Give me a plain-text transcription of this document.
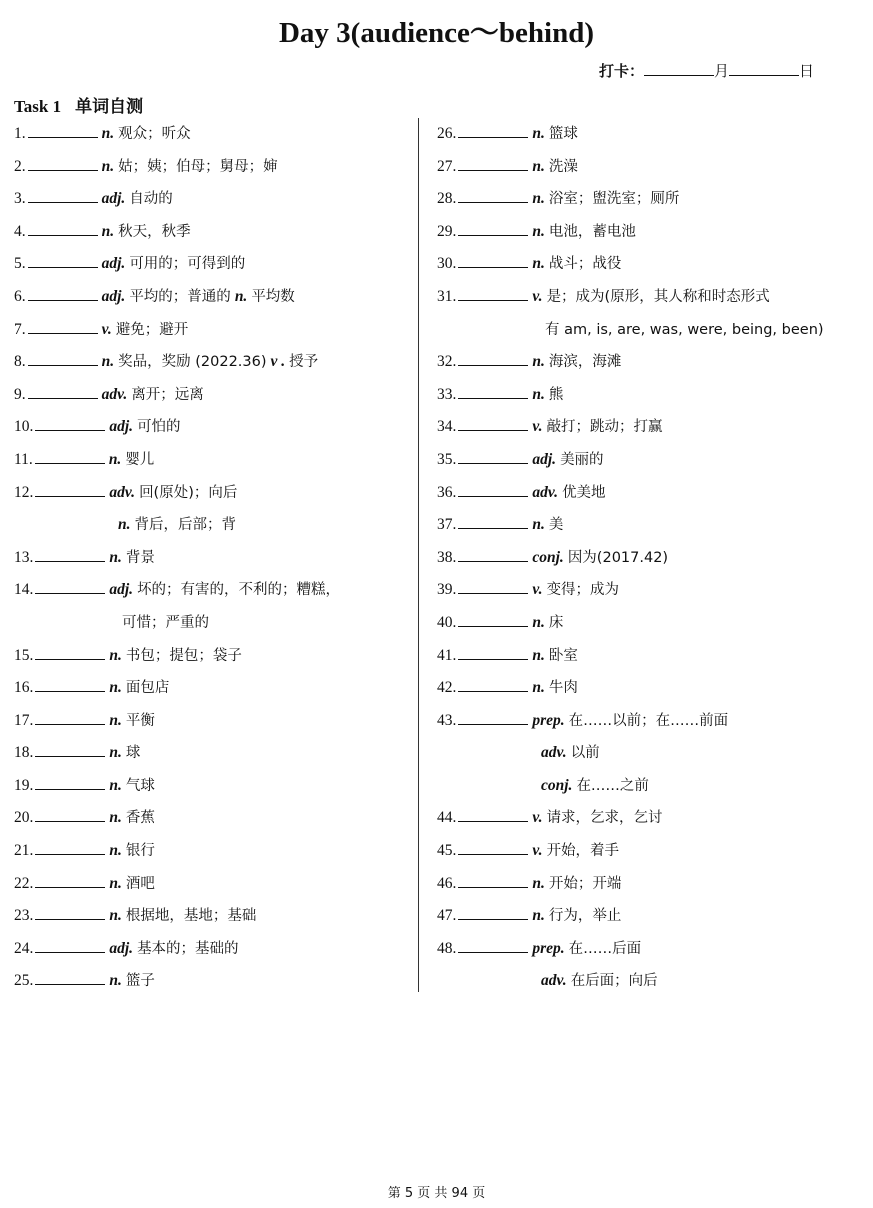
Day 3(audience～behind)
打卡：	月	日
Task 1 单词自测
1.	n. 观众；听众
2.	n. 姑；姨；伯母；舅母；婶
3.	adj. 自动的
4.	n. 秋天，秋季
5.	adj. 可用的；可得到的
6.	adj. 平均的；普通的 n. 平均数
7.	v. 避免；避开
8.	n. 奖品，奖励 (2022.36) v . 授予
9.	adv. 离开；远离
10.	adj. 可怕的
11.	n. 婴儿
12.	adv. 回(原处)；向后
n. 背后，后部；背
13.	n. 背景
14.	adj. 坏的；有害的，不利的；糟糕，
可惜；严重的
15.	n. 书包；提包；袋子
16.	n. 面包店
17.	n. 平衡
18.	n. 球
19.	n. 气球
20.	n. 香蕉
21.	n. 银行
22.	n. 酒吧
23.	n. 根据地，基地；基础
24.	adj. 基本的；基础的
25.	n. 篮子
26.	n. 篮球
27.	n. 洗澡
28.	n. 浴室；盥洗室；厕所
29.	n. 电池，蓄电池
30.	n. 战斗；战役
31.	v. 是；成为(原形，其人称和时态形式
有 am, is, are, was, were, being, been)
32.	n. 海滨，海滩
33.	n. 熊
34.	v. 敲打；跳动；打赢
35.	adj. 美丽的
36.	adv. 优美地
37.	n. 美
38.	conj. 因为(2017.42)
39.	v. 变得；成为
40.	n. 床
41.	n. 卧室
42.	n. 牛肉
43.	prep. 在……以前；在……前面
adv. 以前
conj. 在……之前
44.	v. 请求，乞求，乞讨
45.	v. 开始，着手
46.	n. 开始；开端
47.	n. 行为，举止
48.	prep. 在……后面
adv. 在后面；向后
第 5 页 共 94 页
